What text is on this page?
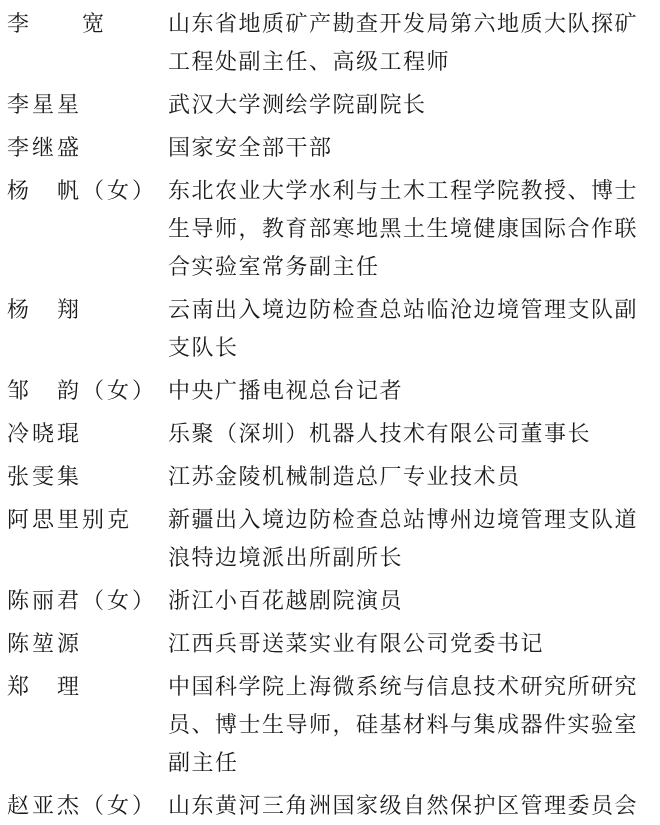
李　　宽	山东省地质矿产勘查开发局第六地质大队探矿
工程处副主任、高级工程师
李星星	武汉大学测绘学院副院长
李继盛	国家安全部干部
杨　帆（女） 东北农业大学水利与土木工程学院教授、博士
生导师，教育部寒地黑土生境健康国际合作联
合实验室常务副主任
杨　翔	云南出入境边防检查总站临沧边境管理支队副
支队长
邹　韵（女） 中央广播电视总台记者
冷晓琨	乐聚（深圳）机器人技术有限公司董事长
张雯集	江苏金陵机械制造总厂专业技术员
阿思里别克	新疆出入境边防检查总站博州边境管理支队道
浪特边境派出所副所长
陈丽君（女） 浙江小百花越剧院演员
陈堃源	江西兵哥送菜实业有限公司党委书记
郑　理	中国科学院上海微系统与信息技术研究所研究
员、博士生导师，硅基材料与集成器件实验室
副主任
赵亚杰（女） 山东黄河三角洲国家级自然保护区管理委员会
